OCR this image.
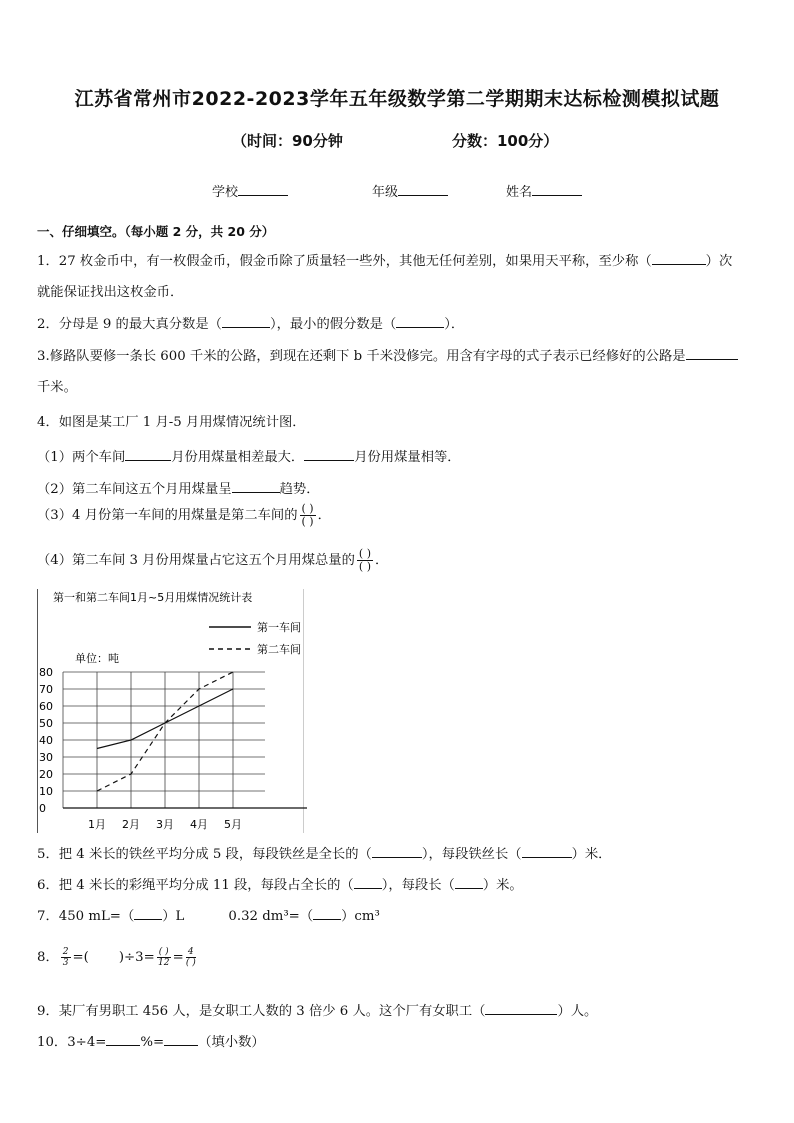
江苏省常州市2022-2023学年五年级数学第二学期期末达标检测模拟试题
（时间：90分钟	分数：100分）
学校	年级	姓名
一、仔细填空。（每小题 2 分，共 20 分）
1．27 枚金币中，有一枚假金币，假金币除了质量轻一些外，其他无任何差别，如果用天平称，至少称（	）次
就能保证找出这枚金币．
2．分母是 9 的最大真分数是（	），最小的假分数是（	）．
3.修路队要修一条长 600 千米的公路，到现在还剩下 b 千米没修完。用含有字母的式子表示已经修好的公路是
千米。
4．如图是某工厂 1 月-5 月用煤情况统计图．
（1）两个车间	月份用煤量相差最大．	月份用煤量相等．
（2）第二车间这五个月用煤量呈	趋势．
（3）4 月份第一车间的用煤量是第二车间的 $\frac{( )}{( )}$ ．
（4）第二车间 3 月份用煤量占它这五个月用煤总量的 $\frac{( )}{( )}$ ．
第一和第二车间1月~5月用煤情况统计表
第一车间
第二车间
单位：吨
0
10
20
30
40
50
60
70
80
1月 2月 3月 4月 5月
5．把 4 米长的铁丝平均分成 5 段，每段铁丝是全长的（	），每段铁丝长（	）米．
6．把 4 米长的彩绳平均分成 11 段，每段占全长的（ ），每段长（ ）米。
7．450 mL=（ ）L	0.32 dm³=（ ）cm³
8． $\frac{2}{3}$ =( )$\div 3= \frac{( )}{12} = \frac{4}{( )}$
9．某厂有男职工 456 人，是女职工人数的 3 倍少 6 人。这个厂有女职工（	）人。
10．3÷4=	%=	（填小数）
